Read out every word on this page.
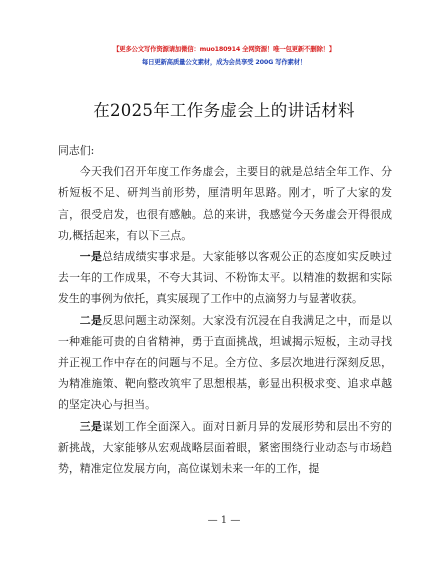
【更多公文写作资源请加微信：muo180914 全网资源！唯一包更新不删除！】
每日更新高质量公文素材，成为会员享受 200G 写作素材！
在2025年工作务虚会上的讲话材料

同志们:

今天我们召开年度工作务虚会，主要目的就是总结全年工作、分析短板不足、研判当前形势，厘清明年思路。刚才，听了大家的发言，很受启发，也很有感触。总的来讲，我感觉今天务虚会开得很成功,概括起来，有以下三点。

一是总结成绩实事求是。大家能够以客观公正的态度如实反映过去一年的工作成果，不夸大其词、不粉饰太平。以精准的数据和实际发生的事例为依托，真实展现了工作中的点滴努力与显著收获。

二是反思问题主动深刻。大家没有沉浸在自我满足之中，而是以一种难能可贵的自省精神，勇于直面挑战，坦诚揭示短板，主动寻找并正视工作中存在的问题与不足。全方位、多层次地进行深刻反思，为精准施策、靶向整改筑牢了思想根基，彰显出积极求变、追求卓越的坚定决心与担当。

三是谋划工作全面深入。面对日新月异的发展形势和层出不穷的新挑战，大家能够从宏观战略层面着眼，紧密围绕行业动态与市场趋势，精准定位发展方向，高位谋划未来一年的工作，提

— 1 —
